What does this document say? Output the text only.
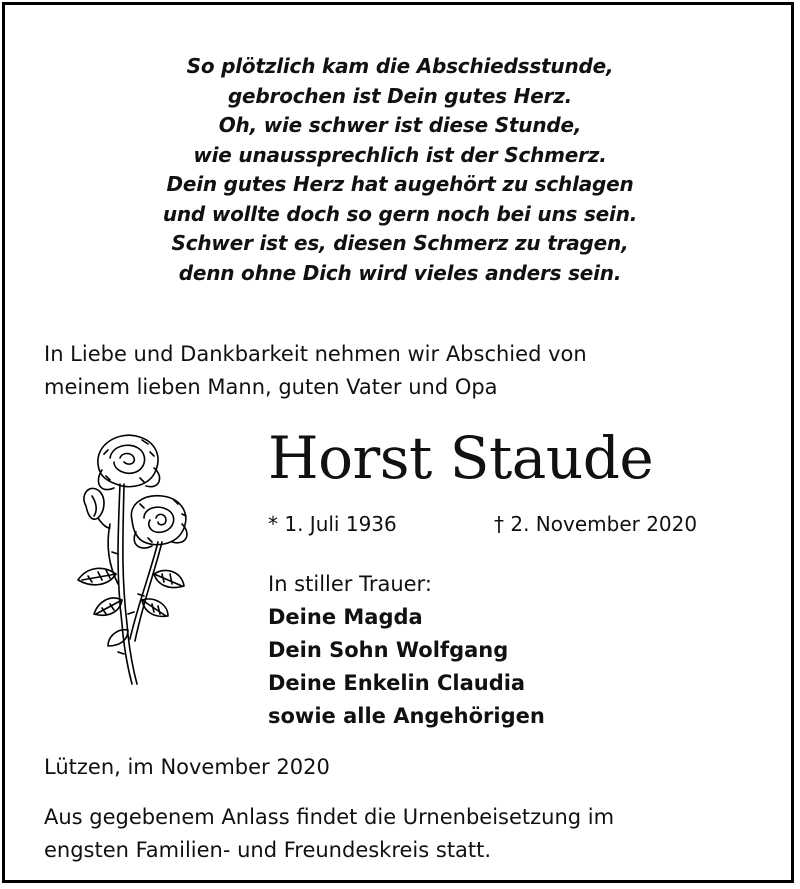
So plötzlich kam die Abschiedsstunde,
gebrochen ist Dein gutes Herz.
Oh, wie schwer ist diese Stunde,
wie unaussprechlich ist der Schmerz.
Dein gutes Herz hat augehört zu schlagen
und wollte doch so gern noch bei uns sein.
Schwer ist es, diesen Schmerz zu tragen,
denn ohne Dich wird vieles anders sein.
In Liebe und Dankbarkeit nehmen wir Abschied von
meinem lieben Mann, guten Vater und Opa
Horst Staude
* 1. Juli 1936	† 2. November 2020
In stiller Trauer:
Deine Magda
Dein Sohn Wolfgang
Deine Enkelin Claudia
sowie alle Angehörigen
Lützen, im November 2020
Aus gegebenem Anlass findet die Urnenbeisetzung im
engsten Familien- und Freundeskreis statt.
